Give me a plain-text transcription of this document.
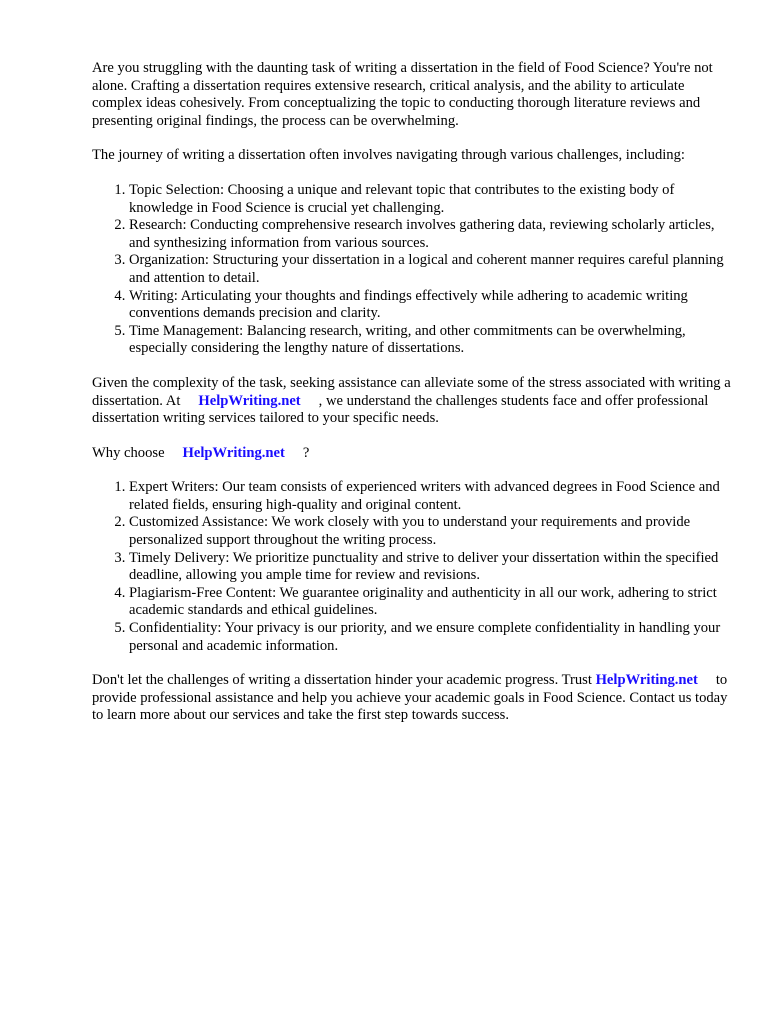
Are you struggling with the daunting task of writing a dissertation in the field of Food Science? You're not alone. Crafting a dissertation requires extensive research, critical analysis, and the ability to articulate complex ideas cohesively. From conceptualizing the topic to conducting thorough literature reviews and presenting original findings, the process can be overwhelming.

The journey of writing a dissertation often involves navigating through various challenges, including:

1. Topic Selection: Choosing a unique and relevant topic that contributes to the existing body of knowledge in Food Science is crucial yet challenging.
2. Research: Conducting comprehensive research involves gathering data, reviewing scholarly articles, and synthesizing information from various sources.
3. Organization: Structuring your dissertation in a logical and coherent manner requires careful planning and attention to detail.
4. Writing: Articulating your thoughts and findings effectively while adhering to academic writing conventions demands precision and clarity.
5. Time Management: Balancing research, writing, and other commitments can be overwhelming, especially considering the lengthy nature of dissertations.

Given the complexity of the task, seeking assistance can alleviate some of the stress associated with writing a dissertation. At HelpWriting.net , we understand the challenges students face and offer professional dissertation writing services tailored to your specific needs.

Why choose HelpWriting.net ?

1. Expert Writers: Our team consists of experienced writers with advanced degrees in Food Science and related fields, ensuring high-quality and original content.
2. Customized Assistance: We work closely with you to understand your requirements and provide personalized support throughout the writing process.
3. Timely Delivery: We prioritize punctuality and strive to deliver your dissertation within the specified deadline, allowing you ample time for review and revisions.
4. Plagiarism-Free Content: We guarantee originality and authenticity in all our work, adhering to strict academic standards and ethical guidelines.
5. Confidentiality: Your privacy is our priority, and we ensure complete confidentiality in handling your personal and academic information.

Don't let the challenges of writing a dissertation hinder your academic progress. Trust HelpWriting.net to provide professional assistance and help you achieve your academic goals in Food Science. Contact us today to learn more about our services and take the first step towards success.
